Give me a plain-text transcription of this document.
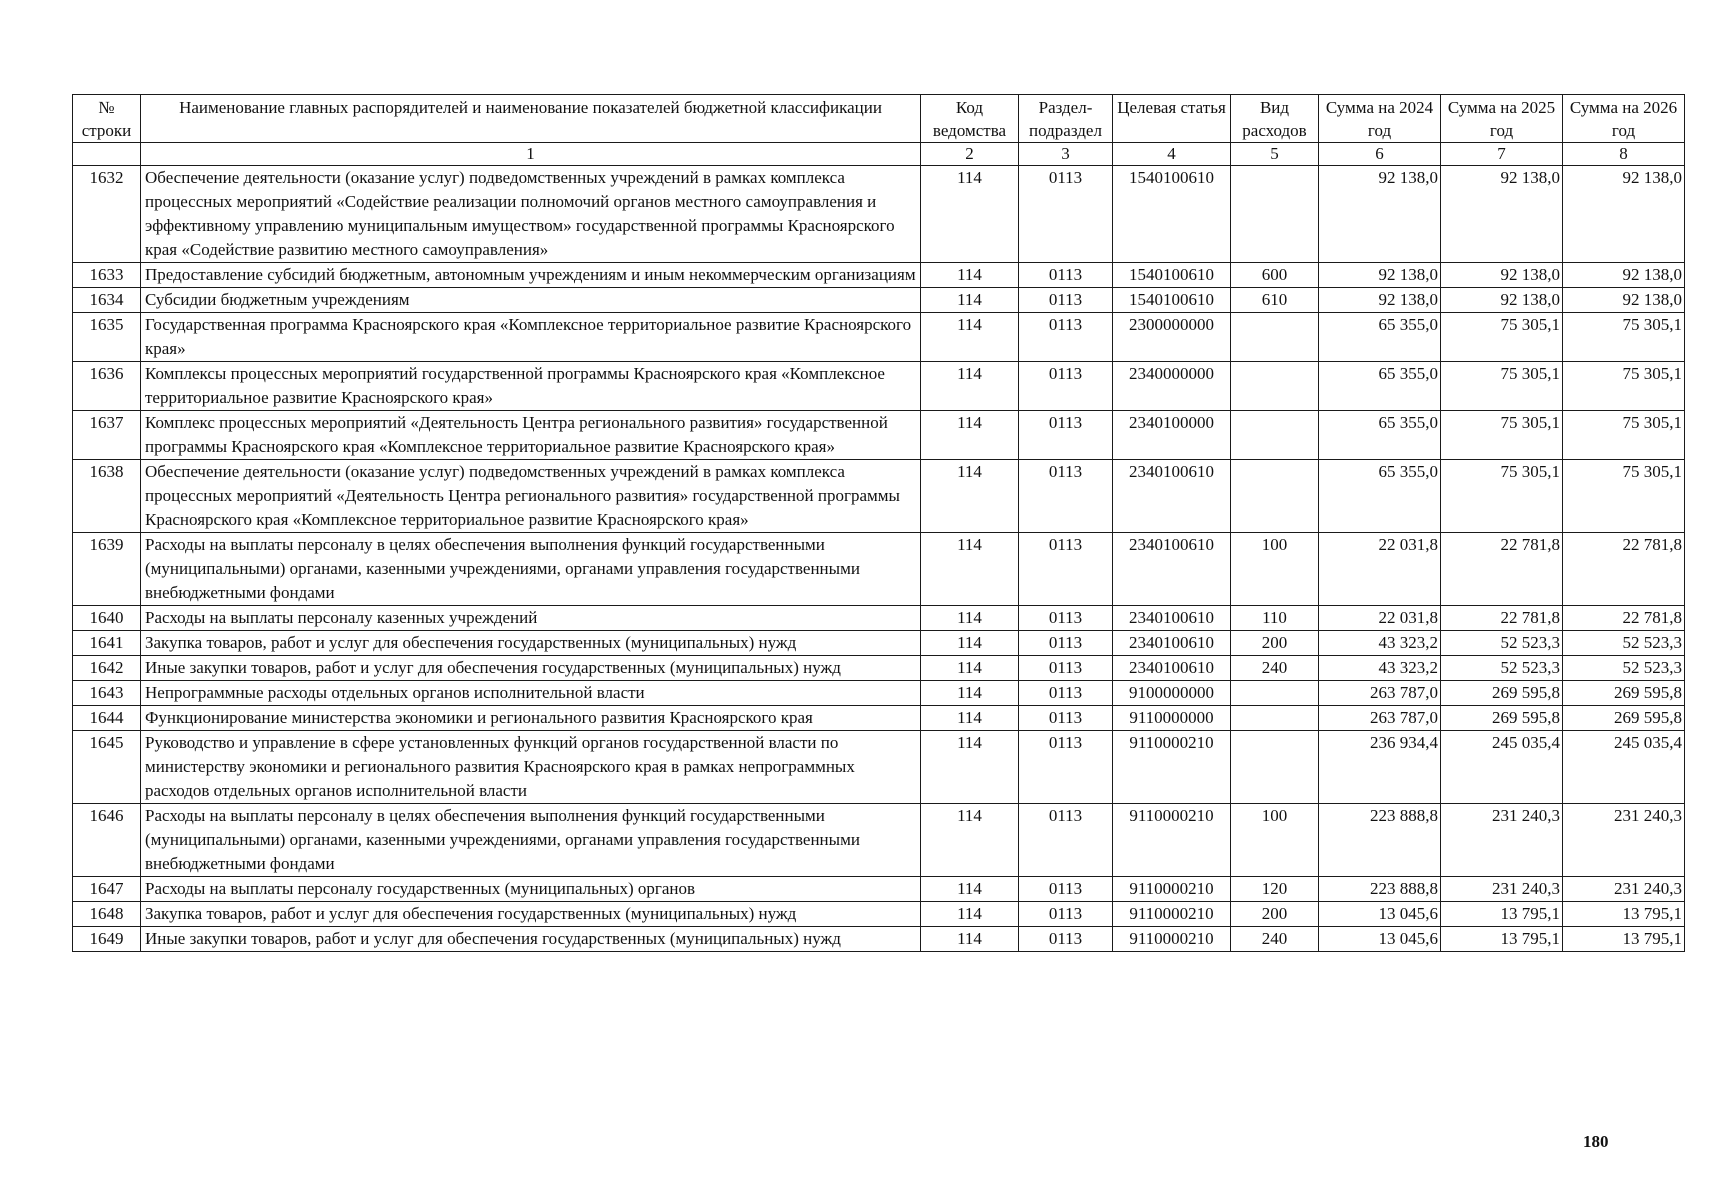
№ строки	Наименование главных распорядителей и наименование показателей бюджетной классификации	Код ведомства	Раздел-подраздел	Целевая статья	Вид расходов	Сумма на 2024 год	Сумма на 2025 год	Сумма на 2026 год
	1	2	3	4	5	6	7	8
1632	Обеспечение деятельности (оказание услуг) подведомственных учреждений в рамках комплекса процессных мероприятий «Содействие реализации полномочий органов местного самоуправления и эффективному управлению муниципальным имуществом» государственной программы Красноярского края «Содействие развитию местного самоуправления»	114	0113	1540100610		92 138,0	92 138,0	92 138,0
1633	Предоставление субсидий бюджетным, автономным учреждениям и иным некоммерческим организациям	114	0113	1540100610	600	92 138,0	92 138,0	92 138,0
1634	Субсидии бюджетным учреждениям	114	0113	1540100610	610	92 138,0	92 138,0	92 138,0
1635	Государственная программа Красноярского края «Комплексное территориальное развитие Красноярского края»	114	0113	2300000000		65 355,0	75 305,1	75 305,1
1636	Комплексы процессных мероприятий государственной программы Красноярского края «Комплексное территориальное развитие Красноярского края»	114	0113	2340000000		65 355,0	75 305,1	75 305,1
1637	Комплекс процессных мероприятий «Деятельность Центра регионального развития» государственной программы Красноярского края «Комплексное территориальное развитие Красноярского края»	114	0113	2340100000		65 355,0	75 305,1	75 305,1
1638	Обеспечение деятельности (оказание услуг) подведомственных учреждений в рамках комплекса процессных мероприятий «Деятельность Центра регионального развития» государственной программы Красноярского края «Комплексное территориальное развитие Красноярского края»	114	0113	2340100610		65 355,0	75 305,1	75 305,1
1639	Расходы на выплаты персоналу в целях обеспечения выполнения функций государственными (муниципальными) органами, казенными учреждениями, органами управления государственными внебюджетными фондами	114	0113	2340100610	100	22 031,8	22 781,8	22 781,8
1640	Расходы на выплаты персоналу казенных учреждений	114	0113	2340100610	110	22 031,8	22 781,8	22 781,8
1641	Закупка товаров, работ и услуг для обеспечения государственных (муниципальных) нужд	114	0113	2340100610	200	43 323,2	52 523,3	52 523,3
1642	Иные закупки товаров, работ и услуг для обеспечения государственных (муниципальных) нужд	114	0113	2340100610	240	43 323,2	52 523,3	52 523,3
1643	Непрограммные расходы отдельных органов исполнительной власти	114	0113	9100000000		263 787,0	269 595,8	269 595,8
1644	Функционирование министерства экономики и регионального развития Красноярского края	114	0113	9110000000		263 787,0	269 595,8	269 595,8
1645	Руководство и управление в сфере установленных функций органов государственной власти по министерству экономики и регионального развития Красноярского края в рамках непрограммных расходов отдельных органов исполнительной власти	114	0113	9110000210		236 934,4	245 035,4	245 035,4
1646	Расходы на выплаты персоналу в целях обеспечения выполнения функций государственными (муниципальными) органами, казенными учреждениями, органами управления государственными внебюджетными фондами	114	0113	9110000210	100	223 888,8	231 240,3	231 240,3
1647	Расходы на выплаты персоналу государственных (муниципальных) органов	114	0113	9110000210	120	223 888,8	231 240,3	231 240,3
1648	Закупка товаров, работ и услуг для обеспечения государственных (муниципальных) нужд	114	0113	9110000210	200	13 045,6	13 795,1	13 795,1
1649	Иные закупки товаров, работ и услуг для обеспечения государственных (муниципальных) нужд	114	0113	9110000210	240	13 045,6	13 795,1	13 795,1
180
